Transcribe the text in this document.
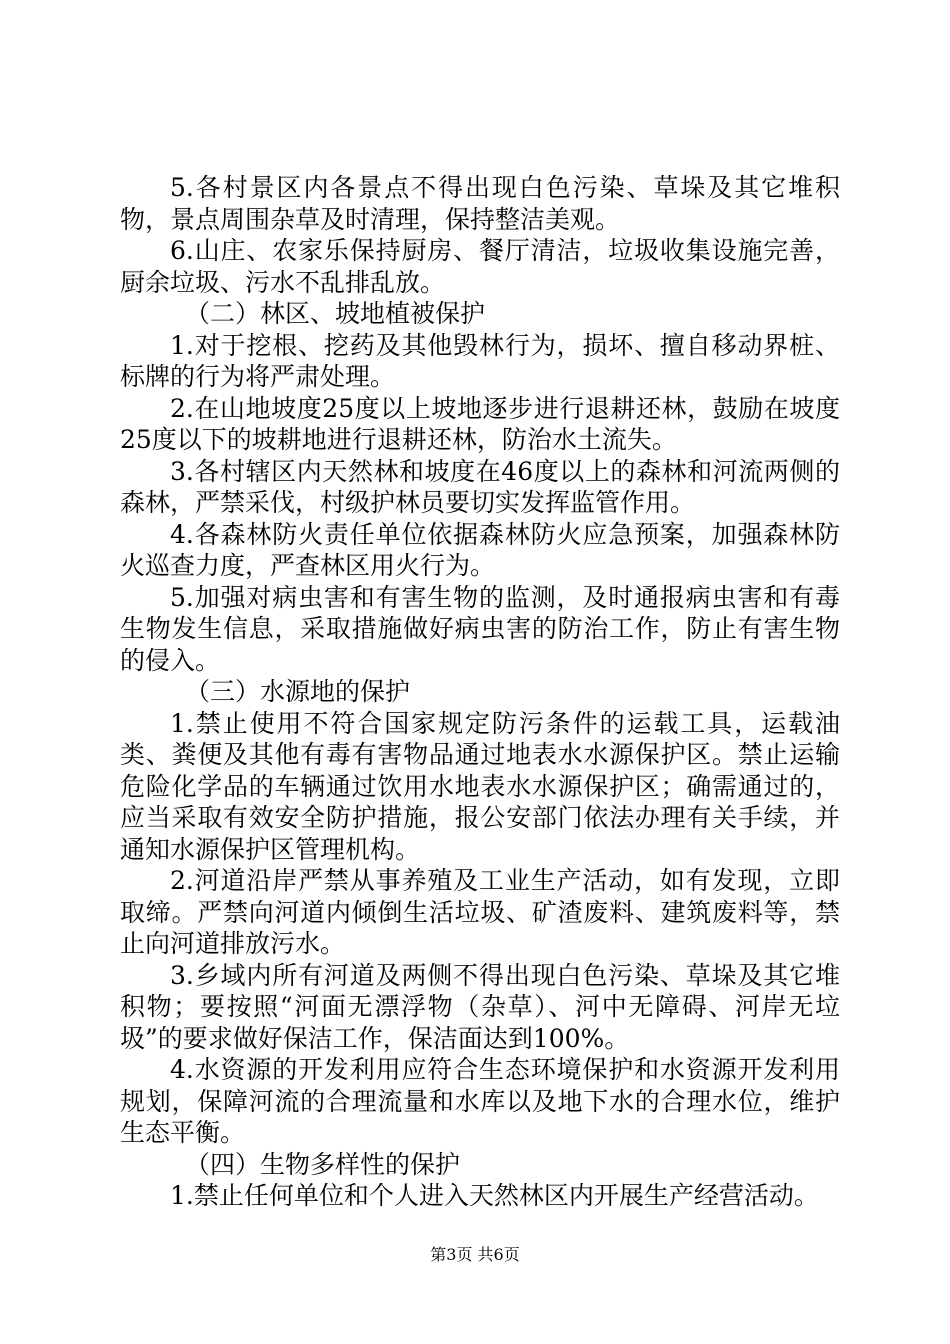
5.各村景区内各景点不得出现白色污染、草垛及其它堆积物，景点周围杂草及时清理，保持整洁美观。

6.山庄、农家乐保持厨房、餐厅清洁，垃圾收集设施完善，厨余垃圾、污水不乱排乱放。

（二）林区、坡地植被保护

1.对于挖根、挖药及其他毁林行为，损坏、擅自移动界桩、标牌的行为将严肃处理。

2.在山地坡度25度以上坡地逐步进行退耕还林，鼓励在坡度25度以下的坡耕地进行退耕还林，防治水土流失。

3.各村辖区内天然林和坡度在46度以上的森林和河流两侧的森林，严禁采伐，村级护林员要切实发挥监管作用。

4.各森林防火责任单位依据森林防火应急预案，加强森林防火巡查力度，严查林区用火行为。

5.加强对病虫害和有害生物的监测，及时通报病虫害和有毒生物发生信息，采取措施做好病虫害的防治工作，防止有害生物的侵入。

（三）水源地的保护

1.禁止使用不符合国家规定防污条件的运载工具，运载油类、粪便及其他有毒有害物品通过地表水水源保护区。禁止运输危险化学品的车辆通过饮用水地表水水源保护区；确需通过的，应当采取有效安全防护措施，报公安部门依法办理有关手续，并通知水源保护区管理机构。

2.河道沿岸严禁从事养殖及工业生产活动，如有发现，立即取缔。严禁向河道内倾倒生活垃圾、矿渣废料、建筑废料等，禁止向河道排放污水。

3.乡域内所有河道及两侧不得出现白色污染、草垛及其它堆积物；要按照“河面无漂浮物（杂草）、河中无障碍、河岸无垃圾”的要求做好保洁工作，保洁面达到100%。

4.水资源的开发利用应符合生态环境保护和水资源开发利用规划，保障河流的合理流量和水库以及地下水的合理水位，维护生态平衡。

（四）生物多样性的保护

1.禁止任何单位和个人进入天然林区内开展生产经营活动。

第3页 共6页
